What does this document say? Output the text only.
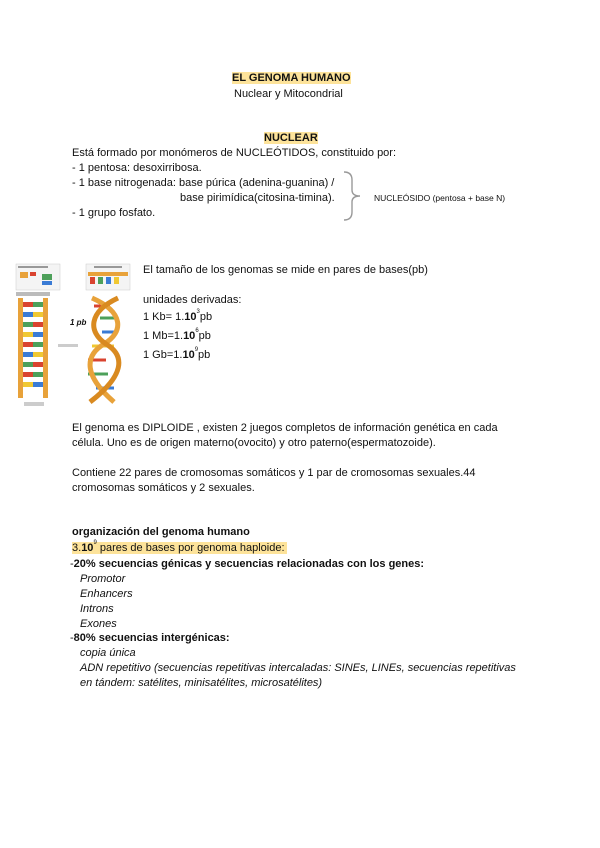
EL GENOMA HUMANO
Nuclear y Mitocondrial
NUCLEAR
Está formado por monómeros de NUCLEÓTIDOS, constituido por:
- 1 pentosa: desoxirribosa.
- 1 base nitrogenada: base púrica (adenina-guanina) /
base pirimídica(citosina-timina).
- 1 grupo fosfato.
NUCLEÓSIDO (pentosa + base N)
1 pb
El tamaño de los genomas se mide en pares de bases(pb)
unidades derivadas:
1 $Kb= 1.10^3pb$
1 $Mb=1.10^6pb$
1 $Gb=1.10^9pb$
El genoma es DIPLOIDE , existen 2 juegos completos de información genética en cada
célula. Uno es de origen materno(ovocito) y otro paterno(espermatozoide).
Contiene 22 pares de cromosomas somáticos y 1 par de cromosomas sexuales.44
cromosomas somáticos y 2 sexuales.
organización del genoma humano
3.10$^9$ pares de bases por genoma haploide:
-20% secuencias génicas y secuencias relacionadas con los genes:
Promotor
Enhancers
Introns
Exones
-80% secuencias intergénicas:
copia única
ADN repetitivo (secuencias repetitivas intercaladas: SINEs, LINEs, secuencias repetitivas
en tándem: satélites, minisatélites, microsatélites)
